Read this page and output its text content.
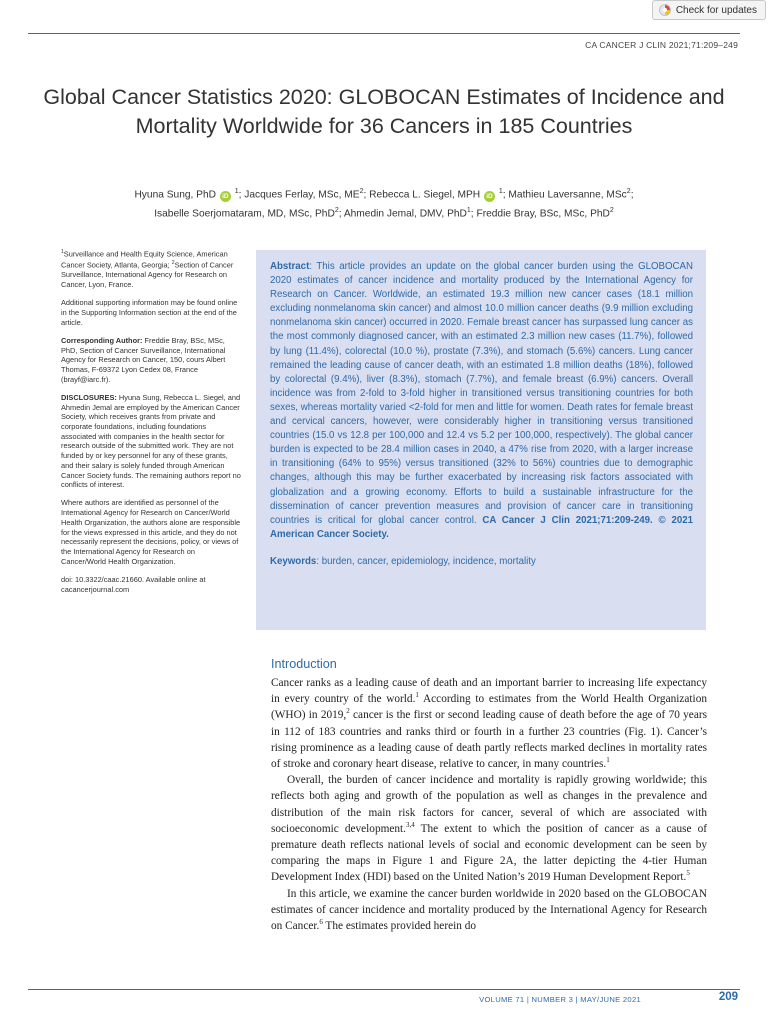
Check for updates
CA CANCER J CLIN 2021;71:209–249
Global Cancer Statistics 2020: GLOBOCAN Estimates of Incidence and Mortality Worldwide for 36 Cancers in 185 Countries
Hyuna Sung, PhD iD $^1$; Jacques Ferlay, MSc, $ME^2$; Rebecca L. Siegel, MPH iD $^1$; Mathieu Laversanne, MSc$^2$;
Isabelle Soerjomataram, MD, MSc, PhD$^2$; Ahmedin Jemal, DMV, PhD$^1$; Freddie Bray, BSc, MSc, PhD$^2$

$^1$Surveillance and Health Equity Science, American Cancer Society, Atlanta, Georgia; $^2$Section of Cancer Surveillance, International Agency for Research on Cancer, Lyon, France.

Additional supporting information may be found online in the Supporting Information section at the end of the article.

Corresponding Author: Freddie Bray, BSc, MSc, PhD, Section of Cancer Surveillance, International Agency for Research on Cancer, 150, cours Albert Thomas, F-69372 Lyon Cedex 08, France (brayf@iarc.fr).

DISCLOSURES: Hyuna Sung, Rebecca L. Siegel, and Ahmedin Jemal are employed by the American Cancer Society, which receives grants from private and corporate foundations, including foundations associated with companies in the health sector for research outside of the submitted work. They are not funded by or key personnel for any of these grants, and their salary is solely funded through American Cancer Society funds. The remaining authors report no conflicts of interest.

Where authors are identified as personnel of the International Agency for Research on Cancer/World Health Organization, the authors alone are responsible for the views expressed in this article, and they do not necessarily represent the decisions, policy, or views of the International Agency for Research on Cancer/World Health Organization.

doi: 10.3322/caac.21660. Available online at cacancerjournal.com

Abstract: This article provides an update on the global cancer burden using the GLOBOCAN 2020 estimates of cancer incidence and mortality produced by the International Agency for Research on Cancer. Worldwide, an estimated 19.3 million new cancer cases (18.1 million excluding nonmelanoma skin cancer) and almost 10.0 million cancer deaths (9.9 million excluding nonmelanoma skin cancer) occurred in 2020. Female breast cancer has surpassed lung cancer as the most commonly diagnosed cancer, with an estimated 2.3 million new cases (11.7%), followed by lung (11.4%), colorectal (10.0 %), prostate (7.3%), and stomach (5.6%) cancers. Lung cancer remained the leading cause of cancer death, with an estimated 1.8 million deaths (18%), followed by colorectal (9.4%), liver (8.3%), stomach (7.7%), and female breast (6.9%) cancers. Overall incidence was from 2-fold to 3-fold higher in transitioned versus transitioning countries for both sexes, whereas mortality varied <2-fold for men and little for women. Death rates for female breast and cervical cancers, however, were considerably higher in transitioning versus transitioned countries (15.0 vs 12.8 per 100,000 and 12.4 vs 5.2 per 100,000, respectively). The global cancer burden is expected to be 28.4 million cases in 2040, a 47% rise from 2020, with a larger increase in transitioning (64% to 95%) versus transitioned (32% to 56%) countries due to demographic changes, although this may be further exacerbated by increasing risk factors associated with globalization and a growing economy. Efforts to build a sustainable infrastructure for the dissemination of cancer prevention measures and provision of cancer care in transitioning countries is critical for global cancer control. CA Cancer J Clin 2021;71:209-249. © 2021 American Cancer Society.

Keywords: burden, cancer, epidemiology, incidence, mortality

Introduction

Cancer ranks as a leading cause of death and an important barrier to increasing life expectancy in every country of the world.$^1$ According to estimates from the World Health Organization (WHO) in 2019,$^2$ cancer is the first or second leading cause of death before the age of 70 years in 112 of 183 countries and ranks third or fourth in a further 23 countries (Fig. 1). Cancer’s rising prominence as a leading cause of death partly reflects marked declines in mortality rates of stroke and coronary heart disease, relative to cancer, in many countries.$^1$

Overall, the burden of cancer incidence and mortality is rapidly growing worldwide; this reflects both aging and growth of the population as well as changes in the prevalence and distribution of the main risk factors for cancer, several of which are associated with socioeconomic development.$^{3,4}$ The extent to which the position of cancer as a cause of premature death reflects national levels of social and economic development can be seen by comparing the maps in Figure 1 and Figure 2A, the latter depicting the 4-tier Human Development Index (HDI) based on the United Nation’s 2019 Human Development Report.$^5$

In this article, we examine the cancer burden worldwide in 2020 based on the GLOBOCAN estimates of cancer incidence and mortality produced by the International Agency for Research on Cancer.$^6$ The estimates provided herein do

VOLUME 71 | NUMBER 3 | MAY/JUNE 2021	209
